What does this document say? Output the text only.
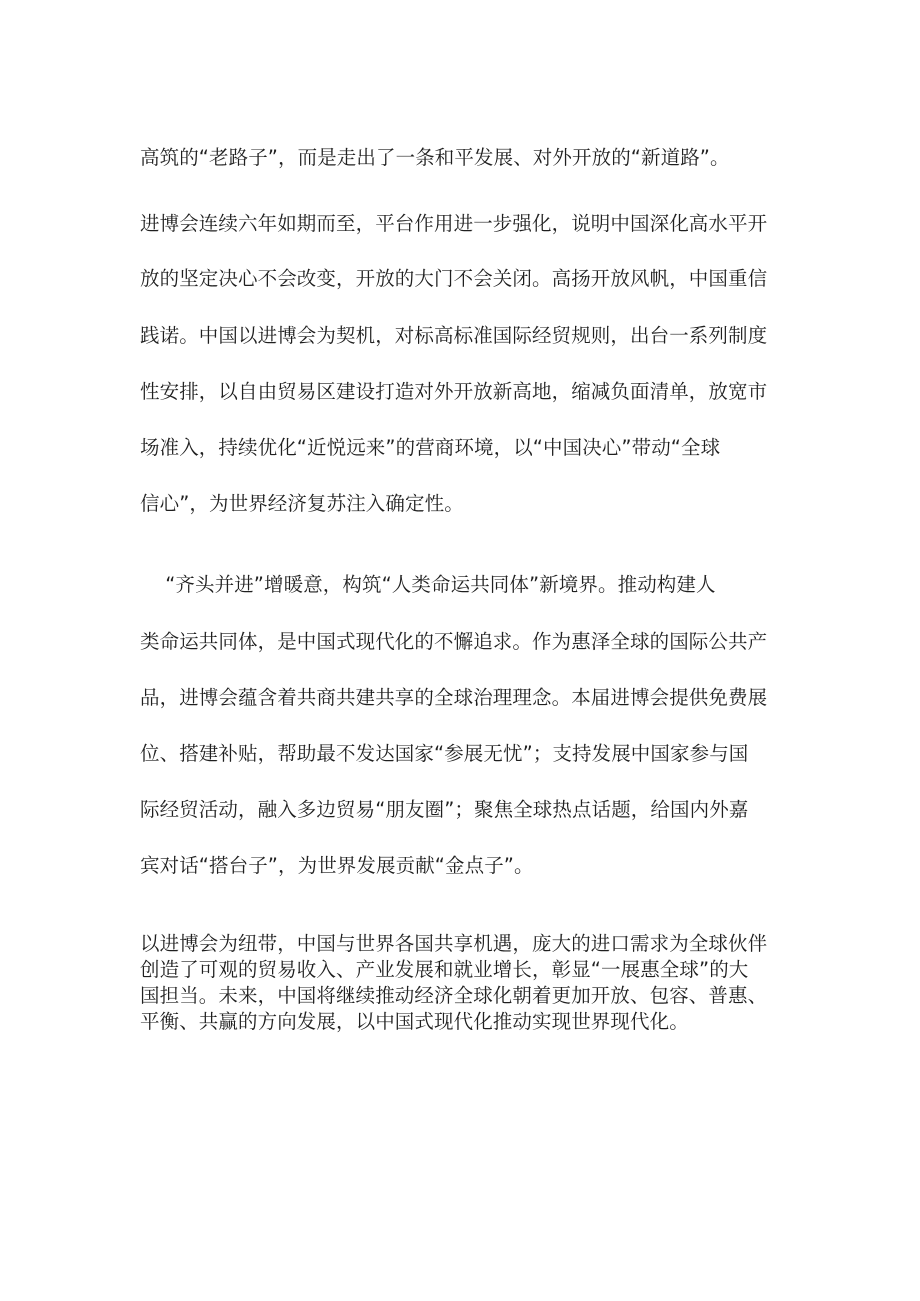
高筑的“老路子”，而是走出了一条和平发展、对外开放的“新道路”。

进博会连续六年如期而至，平台作用进一步强化，说明中国深化高水平开

放的坚定决心不会改变，开放的大门不会关闭。高扬开放风帆，中国重信

践诺。中国以进博会为契机，对标高标准国际经贸规则，出台一系列制度

性安排，以自由贸易区建设打造对外开放新高地，缩减负面清单，放宽市

场准入，持续优化“近悦远来”的营商环境，以“中国决心”带动“全球

信心”，为世界经济复苏注入确定性。

“齐头并进”增暖意，构筑“人类命运共同体”新境界。推动构建人

类命运共同体，是中国式现代化的不懈追求。作为惠泽全球的国际公共产

品，进博会蕴含着共商共建共享的全球治理理念。本届进博会提供免费展

位、搭建补贴，帮助最不发达国家“参展无忧”；支持发展中国家参与国

际经贸活动，融入多边贸易“朋友圈”；聚焦全球热点话题，给国内外嘉

宾对话“搭台子”，为世界发展贡献“金点子”。

以进博会为纽带，中国与世界各国共享机遇，庞大的进口需求为全球伙伴

创造了可观的贸易收入、产业发展和就业增长，彰显“一展惠全球”的大

国担当。未来，中国将继续推动经济全球化朝着更加开放、包容、普惠、

平衡、共赢的方向发展，以中国式现代化推动实现世界现代化。
